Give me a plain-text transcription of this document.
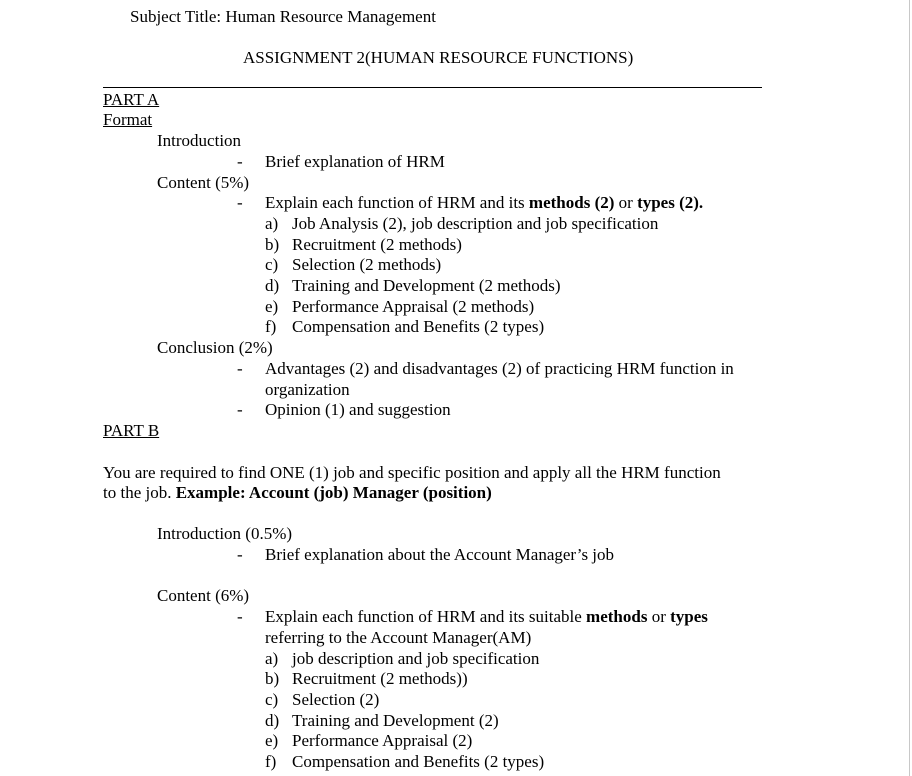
Subject Title: Human Resource Management
ASSIGNMENT 2(HUMAN RESOURCE FUNCTIONS)
PART A
Format
Introduction
- Brief explanation of HRM
Content (5%)
- Explain each function of HRM and its methods (2) or types (2).
a) Job Analysis (2), job description and job specification
b) Recruitment (2 methods)
c) Selection (2 methods)
d) Training and Development (2 methods)
e) Performance Appraisal (2 methods)
f) Compensation and Benefits (2 types)
Conclusion (2%)
- Advantages (2) and disadvantages (2) of practicing HRM function in
organization
- Opinion (1) and suggestion
PART B
You are required to find ONE (1) job and specific position and apply all the HRM function
to the job. Example: Account (job) Manager (position)
Introduction (0.5%)
- Brief explanation about the Account Manager’s job
Content (6%)
- Explain each function of HRM and its suitable methods or types
referring to the Account Manager(AM)
a) job description and job specification
b) Recruitment (2 methods))
c) Selection (2)
d) Training and Development (2)
e) Performance Appraisal (2)
f) Compensation and Benefits (2 types)
